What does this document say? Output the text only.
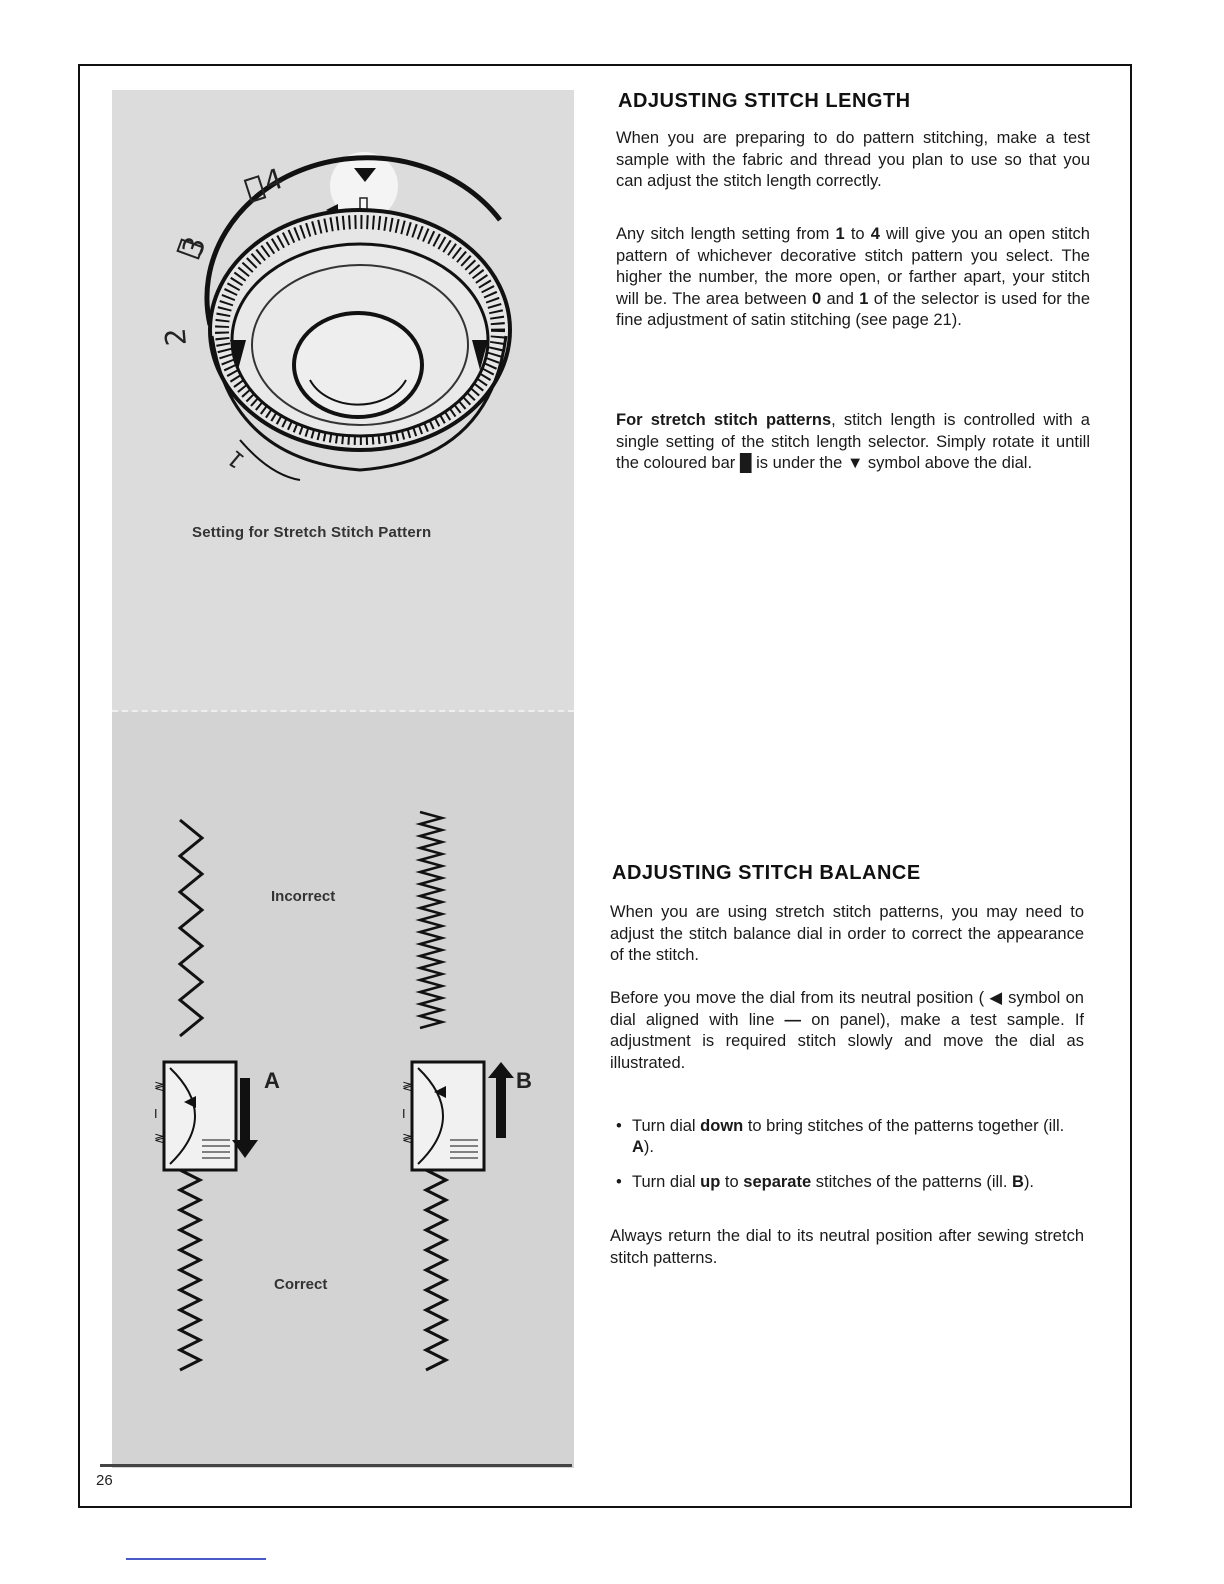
4
3
2
1
Setting for Stretch Stitch Pattern
≷
I
≷
≷
I
≷
Incorrect
Correct
A	B
26
ADJUSTING STITCH LENGTH

When you are preparing to do pattern stitching, make a test sample with the fabric and thread you plan to use so that you can adjust the stitch length correctly.

Any sitch length setting from 1 to 4 will give you an open stitch pattern of whichever decorative stitch pattern you select. The higher the number, the more open, or farther apart, your stitch will be. The area between 0 and 1 of the selector is used for the fine adjustment of satin stitching (see page 21).

For stretch stitch patterns, stitch length is controlled with a single setting of the stitch length selector. Simply rotate it untill the coloured bar █ is under the ▼ symbol above the dial.

ADJUSTING STITCH BALANCE

When you are using stretch stitch patterns, you may need to adjust the stitch balance dial in order to correct the appearance of the stitch.

Before you move the dial from its neutral position ( ◀ symbol on dial aligned with line — on panel), make a test sample. If adjustment is required stitch slowly and move the dial as illustrated.

• Turn dial down to bring stitches of the patterns together (ill. A).

• Turn dial up to separate stitches of the patterns (ill. B).

Always return the dial to its neutral position after sewing stretch stitch patterns.
